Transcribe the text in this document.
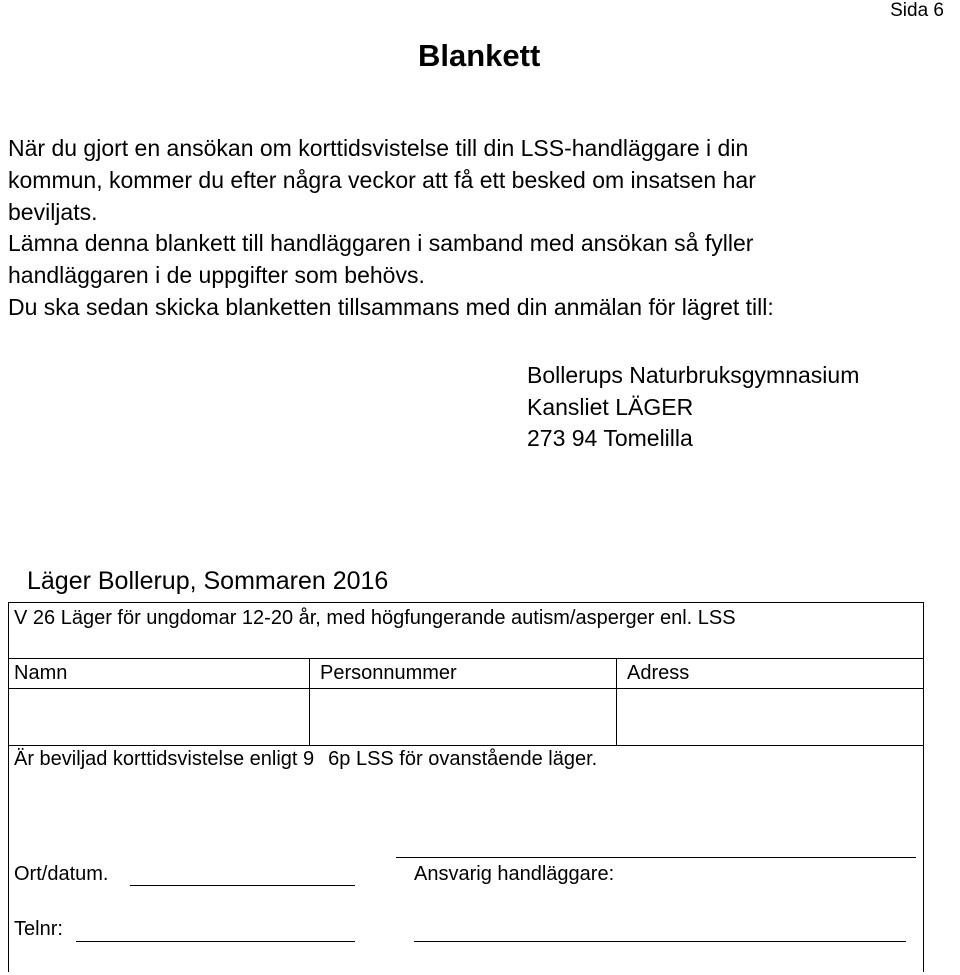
Sida 6
Blankett
När du gjort en ansökan om korttidsvistelse till din LSS-handläggare i din
kommun, kommer du efter några veckor att få ett besked om insatsen har
beviljats.
Lämna denna blankett till handläggaren i samband med ansökan så fyller
handläggaren i de uppgifter som behövs.
Du ska sedan skicka blanketten tillsammans med din anmälan för lägret till:
Bollerups Naturbruksgymnasium
Kansliet LÄGER
273 94 Tomelilla
Läger Bollerup, Sommaren 2016
V 26 Läger för ungdomar 12-20 år, med högfungerande autism/asperger enl. LSS
Namn	Personnummer	Adress
Är beviljad korttidsvistelse enligt 9 6p LSS för ovanstående läger.
Ort/datum.	Ansvarig handläggare:
Telnr:
